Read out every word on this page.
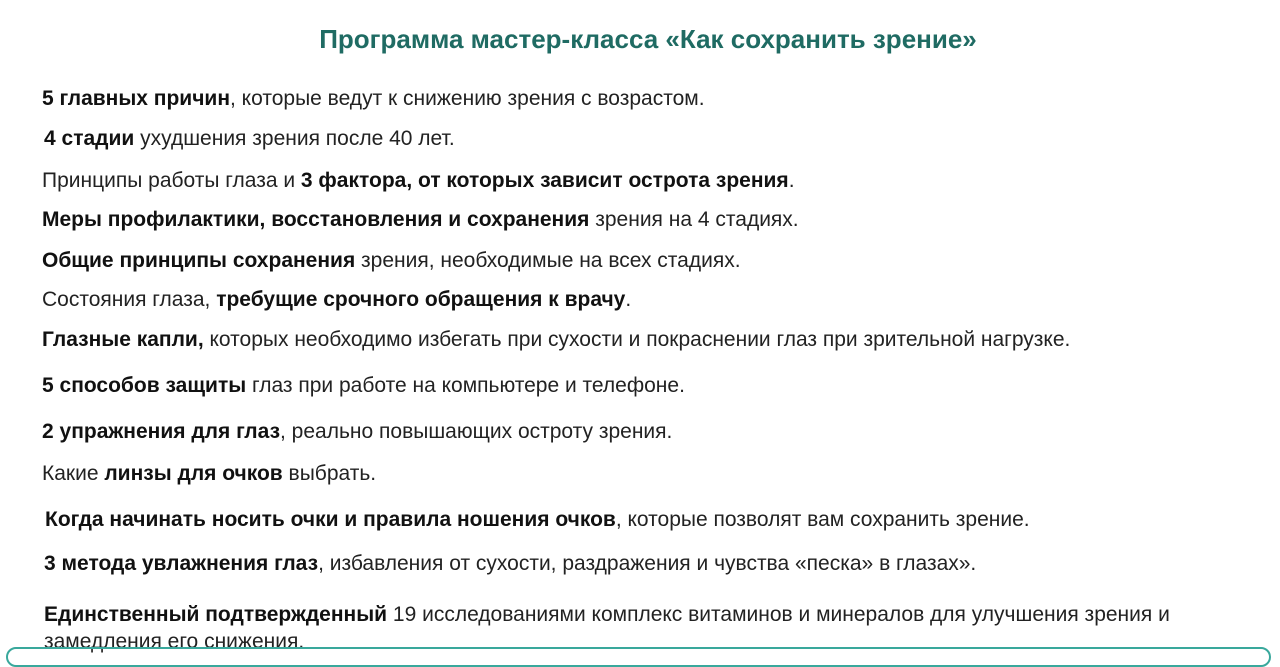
Программа мастер-класса «Как сохранить зрение»
5 главных причин, которые ведут к снижению зрения с возрастом.
4 стадии ухудшения зрения после 40 лет.
Принципы работы глаза и 3 фактора, от которых зависит острота зрения.
Меры профилактики, восстановления и сохранения зрения на 4 стадиях.
Общие принципы сохранения зрения, необходимые на всех стадиях.
Состояния глаза, требущие срочного обращения к врачу.
Глазные капли, которых необходимо избегать при сухости и покраснении глаз при зрительной нагрузке.
5 способов защиты глаз при работе на компьютере и телефоне.
2 упражнения для глаз, реально повышающих остроту зрения.
Какие линзы для очков выбрать.
Когда начинать носить очки и правила ношения очков, которые позволят вам сохранить зрение.
3 метода увлажнения глаз, избавления от сухости, раздражения и чувства «песка» в глазах».
Единственный подтвержденный 19 исследованиями комплекс витаминов и минералов для улучшения зрения и замедления его снижения.
